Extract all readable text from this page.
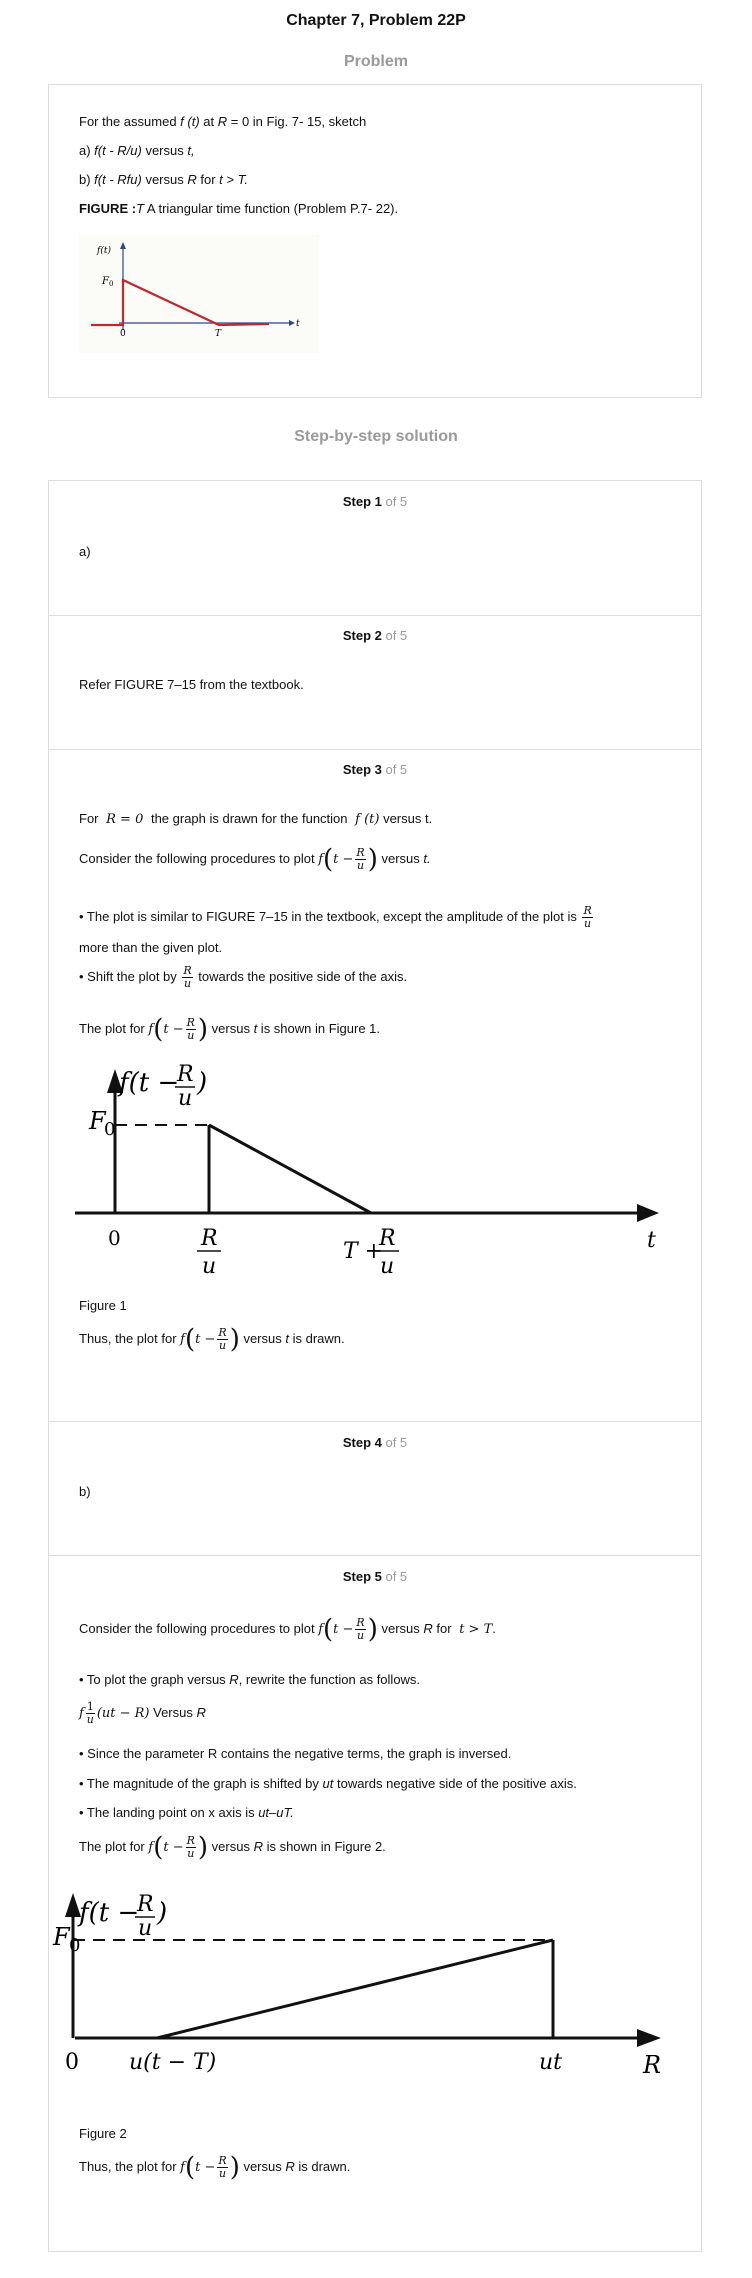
Chapter 7, Problem 22P
Problem
For the assumed f (t) at R = 0 in Fig. 7- 15, sketch
a) f(t - R/u) versus t,
b) f(t - Rfu) versus R for t > T.
FIGURE :T A triangular time function (Problem P.7- 22).
f(t)
F 0
0	T
t
Step-by-step solution
Step 1 of 5
a)
Step 2 of 5
Refer FIGURE 7–15 from the textbook.
Step 3 of 5
For R = 0 the graph is drawn for the function f (t) versus t.
Consider the following procedures to plot $f(t - \frac{R}{u}$ ) versus t.
• The plot is similar to FIGURE 7–15 in the textbook, except the amplitude of the plot is $\frac{R}{u}$
more than the given plot.
• Shift the plot by $\frac{R}{u}$ towards the positive side of the axis.
The plot for $f(t - \frac{R}{u}$ ) versus t is shown in Figure 1.
f(t −
R
u
)
F
0
0	R
u
T +
R
u
t
Figure 1
Thus, the plot for $f(t - \frac{R}{u}$ ) versus t is drawn.
Step 4 of 5
b)
Step 5 of 5
Consider the following procedures to plot $f(t - \frac{R}{u}$ ) versus R for t > T.
• To plot the graph versus R, rewrite the function as follows.
f $\frac{1}{u} (ut - R)$ Versus R
• Since the parameter R contains the negative terms, the graph is inversed.
• The magnitude of the graph is shifted by ut towards negative side of the positive axis.
• The landing point on x axis is ut–uT.
The plot for $f(t - \frac{R}{u}$ ) versus R is shown in Figure 2.
f(t −
R
u
)
F 0
0 u(t − T)	ut	R
Figure 2
Thus, the plot for $f(t - \frac{R}{u}$ ) versus R is drawn.
